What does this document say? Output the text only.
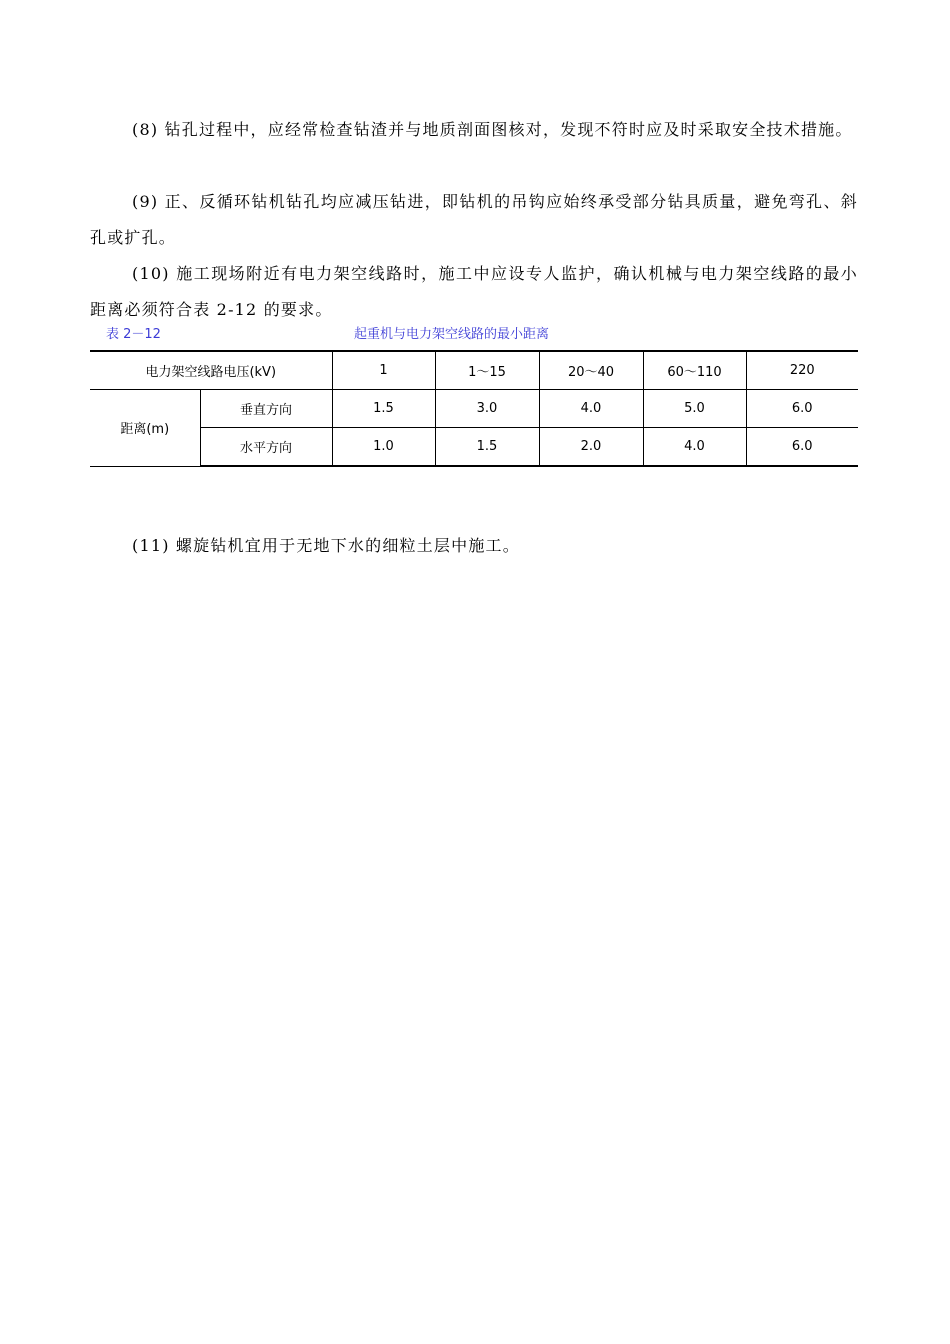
(8) 钻孔过程中，应经常检查钻渣并与地质剖面图核对，发现不符时应及时采取安全技术措施。

(9) 正、反循环钻机钻孔均应减压钻进，即钻机的吊钩应始终承受部分钻具质量，避免弯孔、斜孔或扩孔。

(10) 施工现场附近有电力架空线路时，施工中应设专人监护，确认机械与电力架空线路的最小距离必须符合表 2-12 的要求。

表 2－12	起重机与电力架空线路的最小距离
电力架空线路电压(kV)		1	1～15	20～40	60～110	220
距离(m)	垂直方向	1.5	3.0	4.0	5.0	6.0
	水平方向	1.0	1.5	2.0	4.0	6.0

(11) 螺旋钻机宜用于无地下水的细粒土层中施工。
